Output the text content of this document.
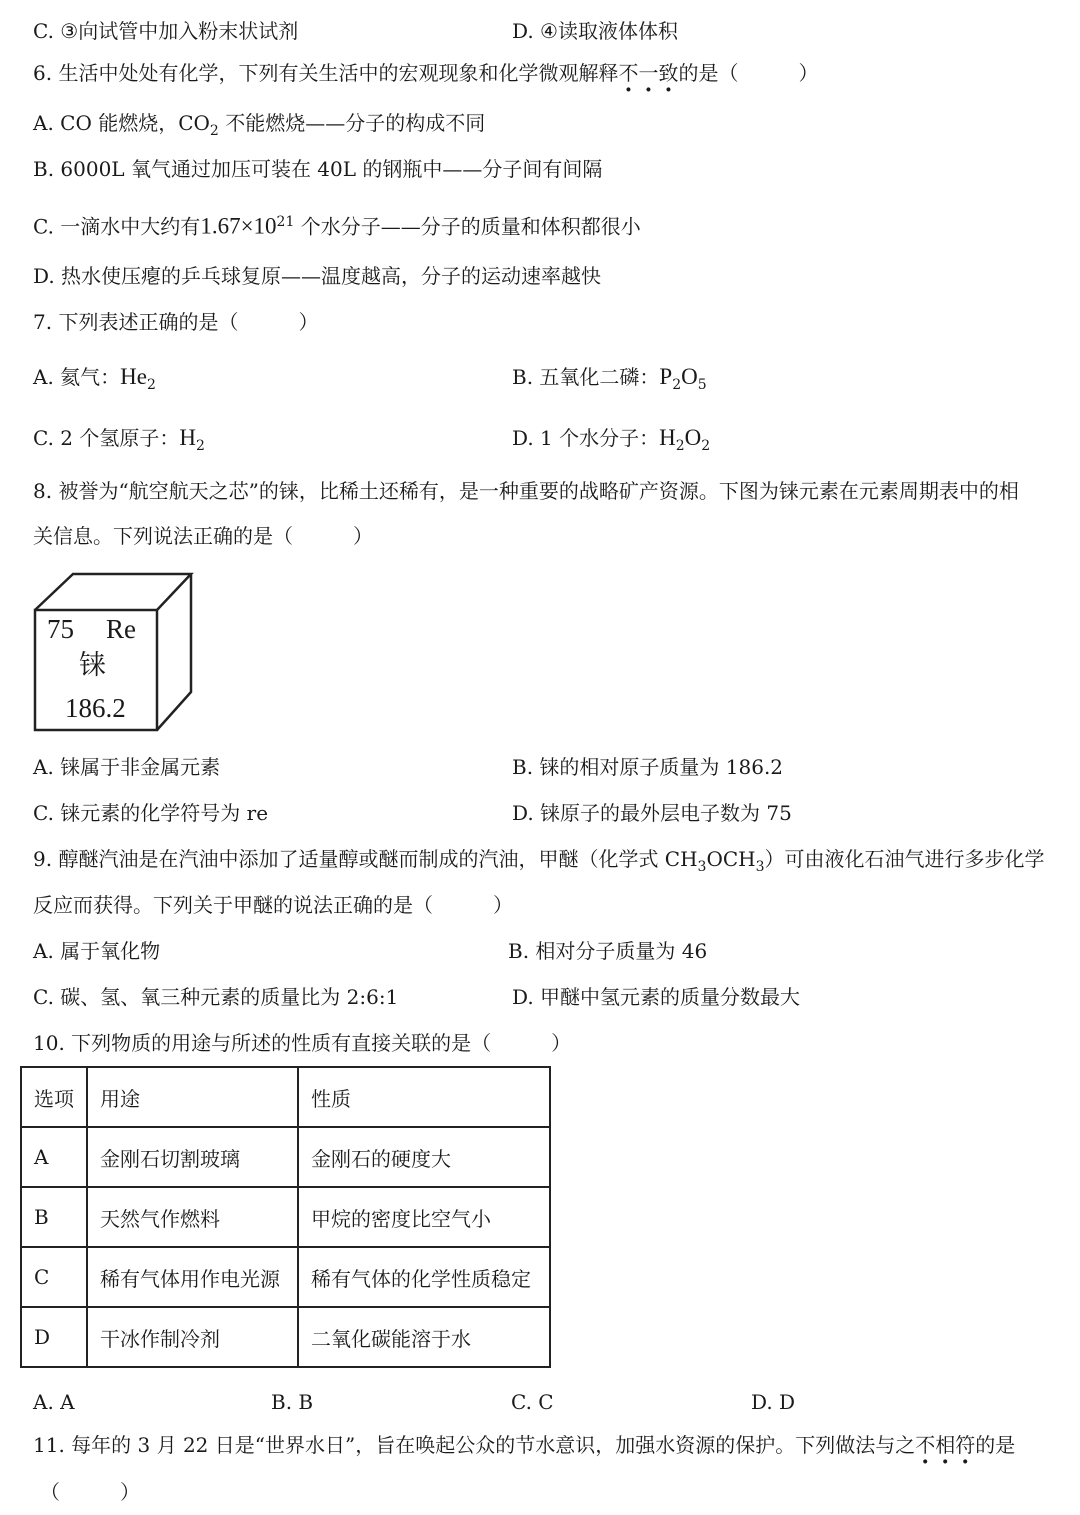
C. ③向试管中加入粉末状试剂	D. ④读取液体体积
6. 生活中处处有化学，下列有关生活中的宏观现象和化学微观解释不一致的是（　　　）
A. CO 能燃烧，$CO_2$ 不能燃烧——分子的构成不同
B. 6000L 氧气通过加压可装在 40L 的钢瓶中——分子间有间隔
C. 一滴水中大约有$1.67\times 10^{21}$ 个水分子——分子的质量和体积都很小
D. 热水使压瘪的乒乓球复原——温度越高，分子的运动速率越快
7. 下列表述正确的是（　　　）
A. 氦气：$He_2$	B. 五氧化二磷：$P_2O_5$
C. 2 个氢原子：$H_2$	D. 1 个水分子：$H_2O_2$
8. 被誉为“航空航天之芯”的铼，比稀土还稀有，是一种重要的战略矿产资源。下图为铼元素在元素周期表中的相
关信息。下列说法正确的是（　　　）
75 Re
铼
186.2
A. 铼属于非金属元素	B. 铼的相对原子质量为 186.2
C. 铼元素的化学符号为 re	D. 铼原子的最外层电子数为 75
9. 醇醚汽油是在汽油中添加了适量醇或醚而制成的汽油，甲醚（化学式 $CH_3OCH_3$）可由液化石油气进行多步化学
反应而获得。下列关于甲醚的说法正确的是（　　　）
A. 属于氧化物	B. 相对分子质量为 46
C. 碳、氢、氧三种元素的质量比为 2:6:1	D. 甲醚中氢元素的质量分数最大
10. 下列物质的用途与所述的性质有直接关联的是（　　　）
选项	用途	性质
A	金刚石切割玻璃	金刚石的硬度大
B	天然气作燃料	甲烷的密度比空气小
C	稀有气体用作电光源	稀有气体的化学性质稳定
D	干冰作制冷剂	二氧化碳能溶于水
A. A	B. B	C. C	D. D
11. 每年的 3 月 22 日是“世界水日”，旨在唤起公众的节水意识，加强水资源的保护。下列做法与之不相符的是
（　　　）
